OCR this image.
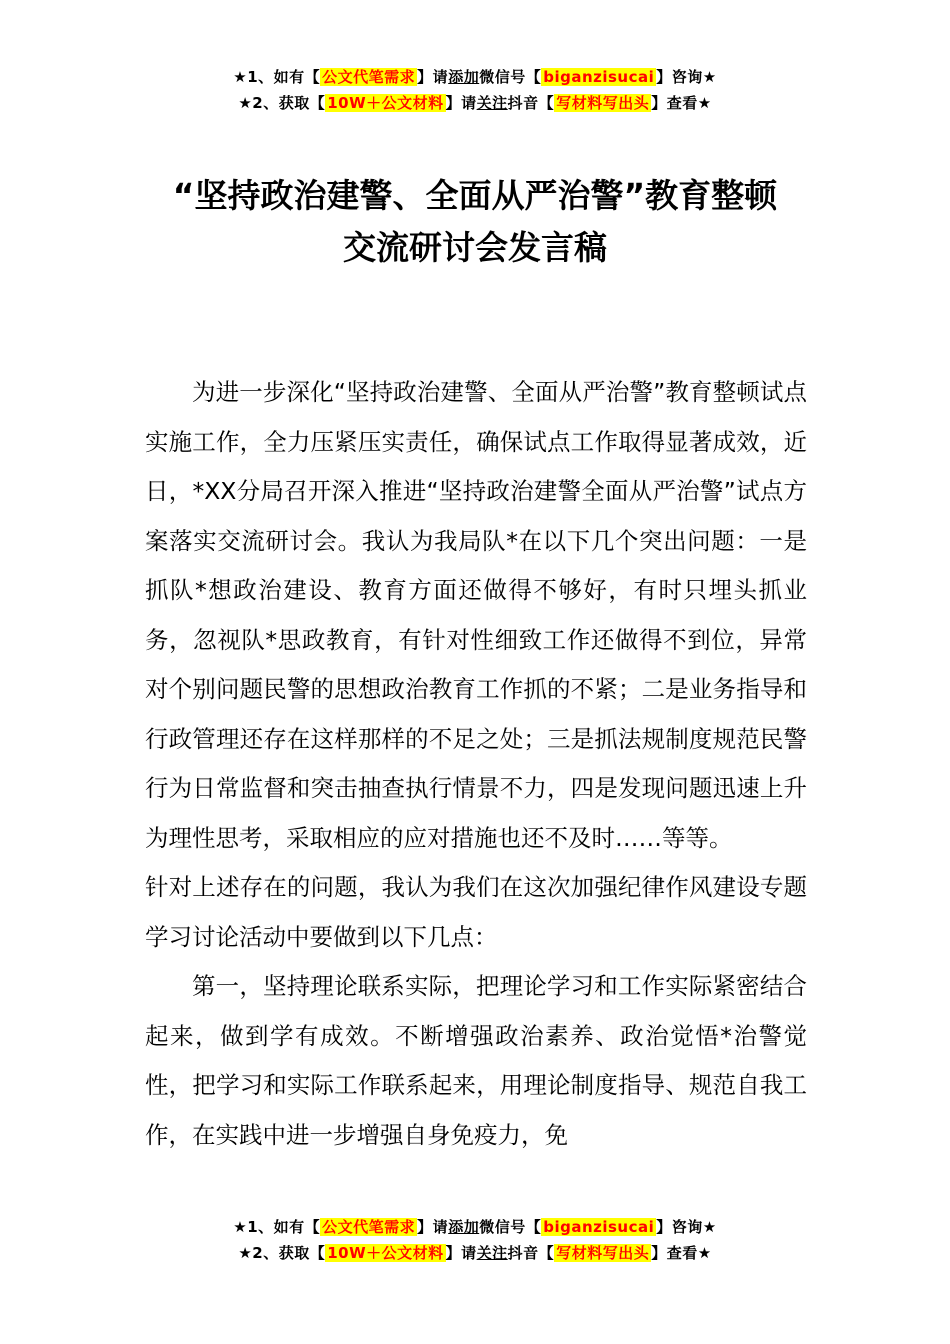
★1、如有【 公文代笔需求 】请添加微信号【 biganzisucai 】咨询★
★2、获取【 10W＋公文材料 】请关注抖音【 写材料写出头 】查看★
“坚持政治建警、全面从严治警”教育整顿
交流研讨会发言稿

为进一步深化“坚持政治建警、全面从严治警”教育整顿试点实施工作，全力压紧压实责任，确保试点工作取得显著成效，近日，*XX分局召开深入推进“坚持政治建警全面从严治警”试点方案落实交流研讨会。我认为我局队*在以下几个突出问题：一是抓队*想政治建设、教育方面还做得不够好，有时只埋头抓业务，忽视队*思政教育，有针对性细致工作还做得不到位，异常对个别问题民警的思想政治教育工作抓的不紧；二是业务指导和行政管理还存在这样那样的不足之处；三是抓法规制度规范民警行为日常监督和突击抽查执行情景不力，四是发现问题迅速上升为理性思考，采取相应的应对措施也还不及时……等等。

针对上述存在的问题，我认为我们在这次加强纪律作风建设专题学习讨论活动中要做到以下几点：

第一，坚持理论联系实际，把理论学习和工作实际紧密结合起来，做到学有成效。不断增强政治素养、政治觉悟*治警觉性，把学习和实际工作联系起来，用理论制度指导、规范自我工作，在实践中进一步增强自身免疫力，免

★1、如有【 公文代笔需求 】请添加微信号【 biganzisucai 】咨询★
★2、获取【 10W＋公文材料 】请关注抖音【 写材料写出头 】查看★
